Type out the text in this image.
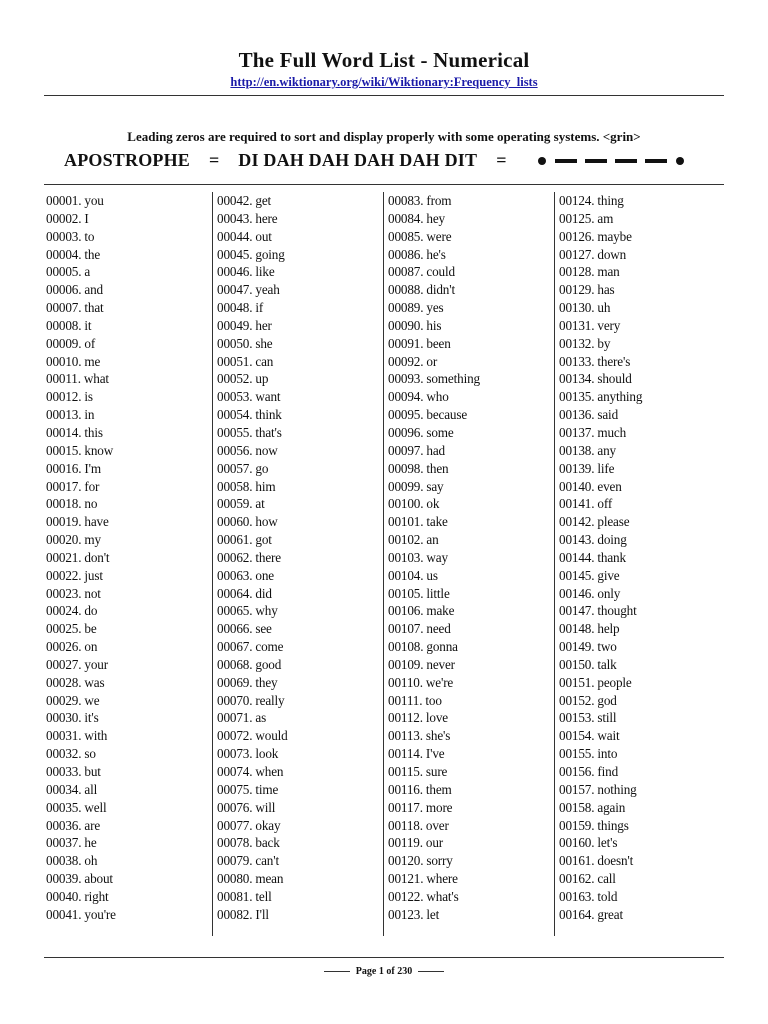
The Full Word List - Numerical
http://en.wiktionary.org/wiki/Wiktionary:Frequency_lists
Leading zeros are required to sort and display properly with some operating systems. <grin>
APOSTROPHE = DI DAH DAH DAH DAH DIT =
00001. you
00002. I
00003. to
00004. the
00005. a
00006. and
00007. that
00008. it
00009. of
00010. me
00011. what
00012. is
00013. in
00014. this
00015. know
00016. I'm
00017. for
00018. no
00019. have
00020. my
00021. don't
00022. just
00023. not
00024. do
00025. be
00026. on
00027. your
00028. was
00029. we
00030. it's
00031. with
00032. so
00033. but
00034. all
00035. well
00036. are
00037. he
00038. oh
00039. about
00040. right
00041. you're
00042. get
00043. here
00044. out
00045. going
00046. like
00047. yeah
00048. if
00049. her
00050. she
00051. can
00052. up
00053. want
00054. think
00055. that's
00056. now
00057. go
00058. him
00059. at
00060. how
00061. got
00062. there
00063. one
00064. did
00065. why
00066. see
00067. come
00068. good
00069. they
00070. really
00071. as
00072. would
00073. look
00074. when
00075. time
00076. will
00077. okay
00078. back
00079. can't
00080. mean
00081. tell
00082. I'll
00083. from
00084. hey
00085. were
00086. he's
00087. could
00088. didn't
00089. yes
00090. his
00091. been
00092. or
00093. something
00094. who
00095. because
00096. some
00097. had
00098. then
00099. say
00100. ok
00101. take
00102. an
00103. way
00104. us
00105. little
00106. make
00107. need
00108. gonna
00109. never
00110. we're
00111. too
00112. love
00113. she's
00114. I've
00115. sure
00116. them
00117. more
00118. over
00119. our
00120. sorry
00121. where
00122. what's
00123. let
00124. thing
00125. am
00126. maybe
00127. down
00128. man
00129. has
00130. uh
00131. very
00132. by
00133. there's
00134. should
00135. anything
00136. said
00137. much
00138. any
00139. life
00140. even
00141. off
00142. please
00143. doing
00144. thank
00145. give
00146. only
00147. thought
00148. help
00149. two
00150. talk
00151. people
00152. god
00153. still
00154. wait
00155. into
00156. find
00157. nothing
00158. again
00159. things
00160. let's
00161. doesn't
00162. call
00163. told
00164. great
Page
1
of
230
